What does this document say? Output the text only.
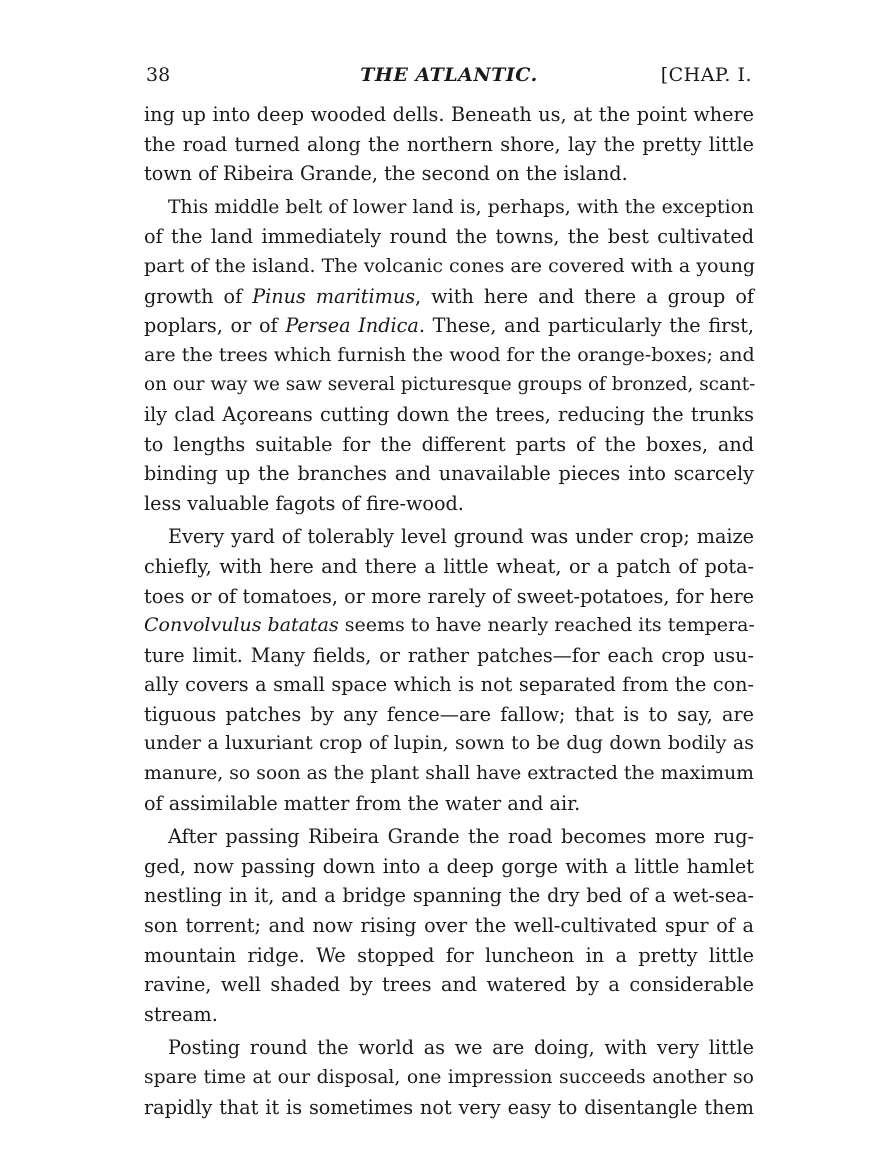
38	THE ATLANTIC.	[CHAP. I.

ing up into deep wooded dells. Beneath us, at the point where
the road turned along the northern shore, lay the pretty little
town of Ribeira Grande, the second on the island.

This middle belt of lower land is, perhaps, with the exception
of the land immediately round the towns, the best cultivated
part of the island. The volcanic cones are covered with a young
growth of Pinus maritimus, with here and there a group of
poplars, or of Persea Indica. These, and particularly the first,
are the trees which furnish the wood for the orange-boxes; and
on our way we saw several picturesque groups of bronzed, scant-
ily clad Açoreans cutting down the trees, reducing the trunks
to lengths suitable for the different parts of the boxes, and
binding up the branches and unavailable pieces into scarcely
less valuable fagots of fire-wood.

Every yard of tolerably level ground was under crop; maize
chiefly, with here and there a little wheat, or a patch of pota-
toes or of tomatoes, or more rarely of sweet-potatoes, for here
Convolvulus batatas seems to have nearly reached its tempera-
ture limit. Many fields, or rather patches—for each crop usu-
ally covers a small space which is not separated from the con-
tiguous patches by any fence—are fallow; that is to say, are
under a luxuriant crop of lupin, sown to be dug down bodily as
manure, so soon as the plant shall have extracted the maximum
of assimilable matter from the water and air.

After passing Ribeira Grande the road becomes more rug-
ged, now passing down into a deep gorge with a little hamlet
nestling in it, and a bridge spanning the dry bed of a wet-sea-
son torrent; and now rising over the well-cultivated spur of a
mountain ridge. We stopped for luncheon in a pretty little
ravine, well shaded by trees and watered by a considerable
stream.

Posting round the world as we are doing, with very little
spare time at our disposal, one impression succeeds another so
rapidly that it is sometimes not very easy to disentangle them
